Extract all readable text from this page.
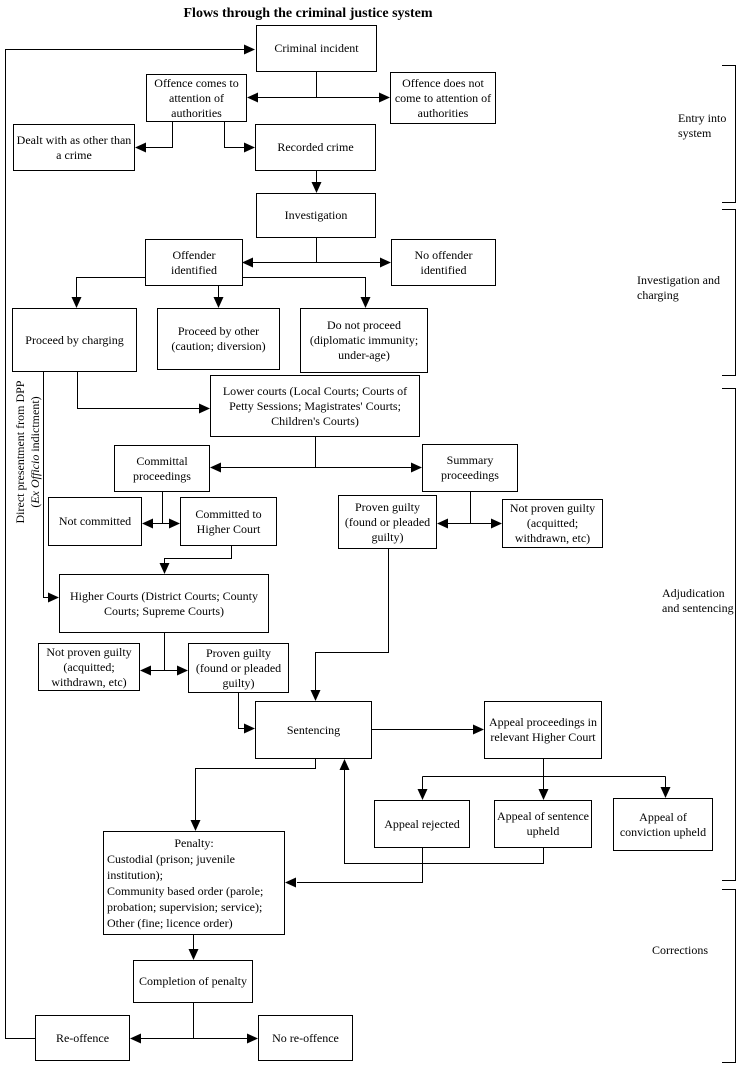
Flows through the criminal justice system
Criminal incident
Offence comes to attention of authorities
Offence does not come to attention of authorities
Dealt with as other than a crime
Recorded crime
Investigation
Offender identified
No offender identified
Proceed by charging
Proceed by other (caution; diversion)
Do not proceed (diplomatic immunity; under-age)
Lower courts (Local Courts; Courts of Petty Sessions; Magistrates' Courts; Children's Courts)
Committal proceedings
Summary proceedings
Not committed
Committed to Higher Court
Proven guilty (found or pleaded guilty)
Not proven guilty (acquitted; withdrawn, etc)
Higher Courts (District Courts; County Courts; Supreme Courts)
Not proven guilty (acquitted; withdrawn, etc)
Proven guilty (found or pleaded guilty)
Sentencing
Appeal proceedings in relevant Higher Court
Appeal rejected
Appeal of sentence upheld
Appeal of conviction upheld
Penalty:
Custodial (prison; juvenile institution);
Community based order (parole; probation; supervision; service);
Other (fine; licence order)
Completion of penalty
Re-offence	No re-offence
Entry into system
Investigation and charging
Adjudication and sentencing
Corrections
Direct presentment from DPP (Ex Officio indictment)
